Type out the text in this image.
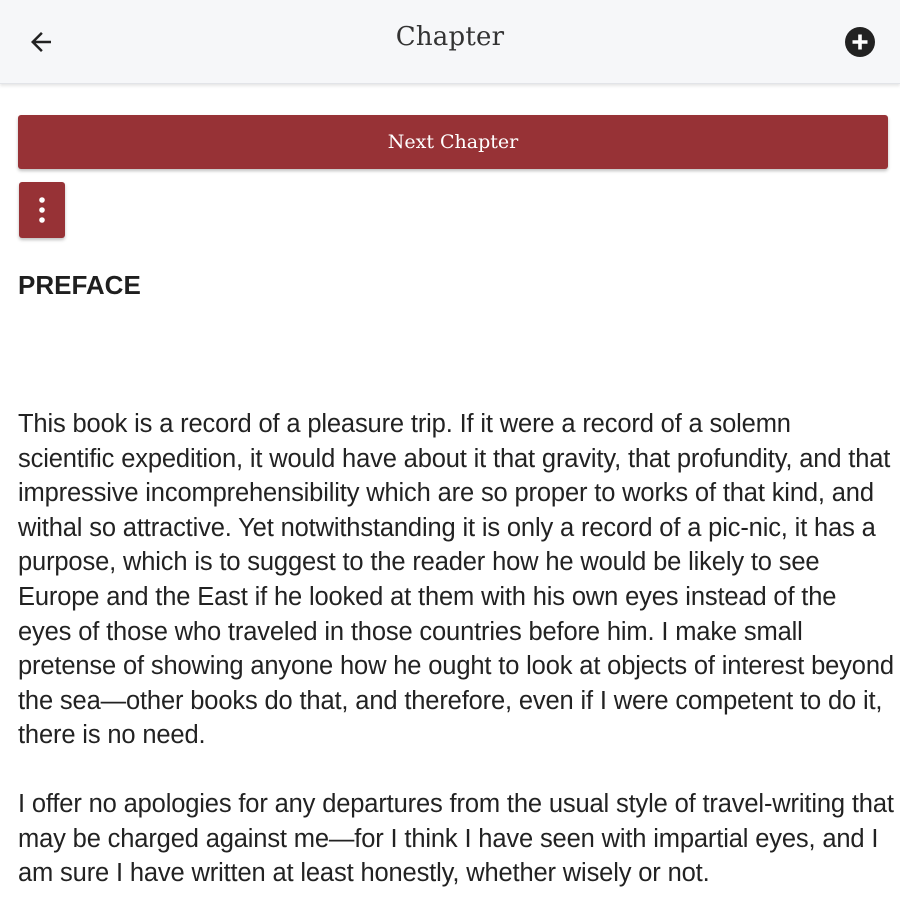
Chapter
Next Chapter
PREFACE

This book is a record of a pleasure trip. If it were a record of a solemn scientific expedition, it would have about it that gravity, that profundity, and that impressive incomprehensibility which are so proper to works of that kind, and withal so attractive. Yet notwithstanding it is only a record of a pic-nic, it has a purpose, which is to suggest to the reader how he would be likely to see Europe and the East if he looked at them with his own eyes instead of the eyes of those who traveled in those countries before him. I make small pretense of showing anyone how he ought to look at objects of interest beyond the sea—other books do that, and therefore, even if I were competent to do it, there is no need.

I offer no apologies for any departures from the usual style of travel-writing that may be charged against me—for I think I have seen with impartial eyes, and I am sure I have written at least honestly, whether wisely or not.
